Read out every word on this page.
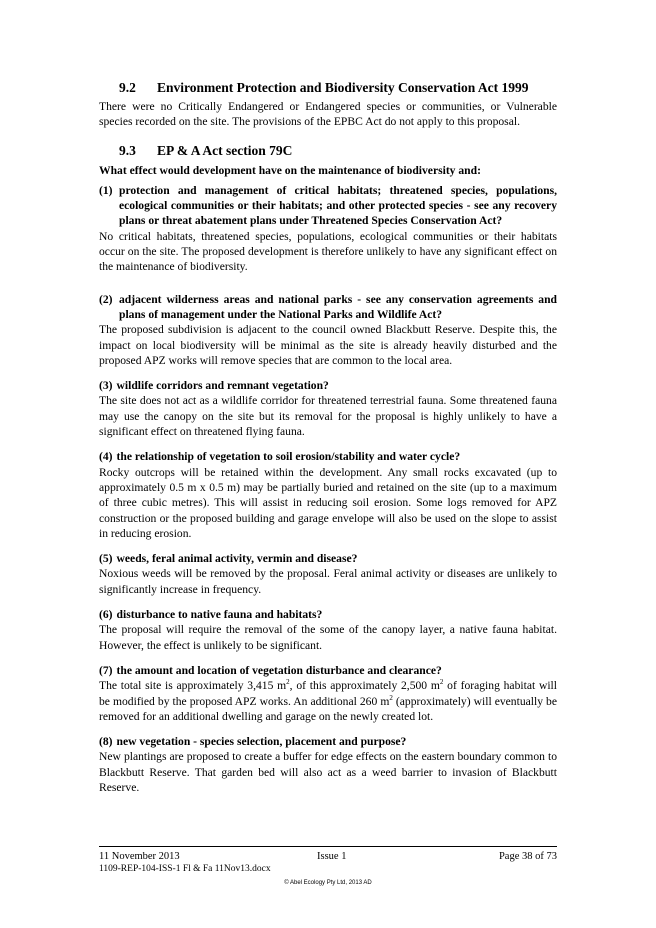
9.2 Environment Protection and Biodiversity Conservation Act 1999

There were no Critically Endangered or Endangered species or communities, or Vulnerable species recorded on the site. The provisions of the EPBC Act do not apply to this proposal.

9.3 EP & A Act section 79C

What effect would development have on the maintenance of biodiversity and:

(1) protection and management of critical habitats; threatened species, populations, ecological communities or their habitats; and other protected species - see any recovery plans or threat abatement plans under Threatened Species Conservation Act?

No critical habitats, threatened species, populations, ecological communities or their habitats occur on the site. The proposed development is therefore unlikely to have any significant effect on the maintenance of biodiversity.

(2) adjacent wilderness areas and national parks - see any conservation agreements and plans of management under the National Parks and Wildlife Act?

The proposed subdivision is adjacent to the council owned Blackbutt Reserve. Despite this, the impact on local biodiversity will be minimal as the site is already heavily disturbed and the proposed APZ works will remove species that are common to the local area.

(3) wildlife corridors and remnant vegetation?

The site does not act as a wildlife corridor for threatened terrestrial fauna. Some threatened fauna may use the canopy on the site but its removal for the proposal is highly unlikely to have a significant effect on threatened flying fauna.

(4) the relationship of vegetation to soil erosion/stability and water cycle?

Rocky outcrops will be retained within the development. Any small rocks excavated (up to approximately 0.5 m x 0.5 m) may be partially buried and retained on the site (up to a maximum of three cubic metres). This will assist in reducing soil erosion. Some logs removed for APZ construction or the proposed building and garage envelope will also be used on the slope to assist in reducing erosion.

(5) weeds, feral animal activity, vermin and disease?

Noxious weeds will be removed by the proposal. Feral animal activity or diseases are unlikely to significantly increase in frequency.

(6) disturbance to native fauna and habitats?

The proposal will require the removal of the some of the canopy layer, a native fauna habitat. However, the effect is unlikely to be significant.

(7) the amount and location of vegetation disturbance and clearance?

The total site is approximately 3,415 $m^2$, of this approximately 2,500 $m^2$ of foraging habitat will be modified by the proposed APZ works. An additional 260 $m^2$ (approximately) will eventually be removed for an additional dwelling and garage on the newly created lot.

(8) new vegetation - species selection, placement and purpose?

New plantings are proposed to create a buffer for edge effects on the eastern boundary common to Blackbutt Reserve. That garden bed will also act as a weed barrier to invasion of Blackbutt Reserve.

11 November 2013	Issue 1	Page 38 of 73
1109-REP-104-ISS-1 Fl & Fa 11Nov13.docx
© Abel Ecology Pty Ltd, 2013 AD
